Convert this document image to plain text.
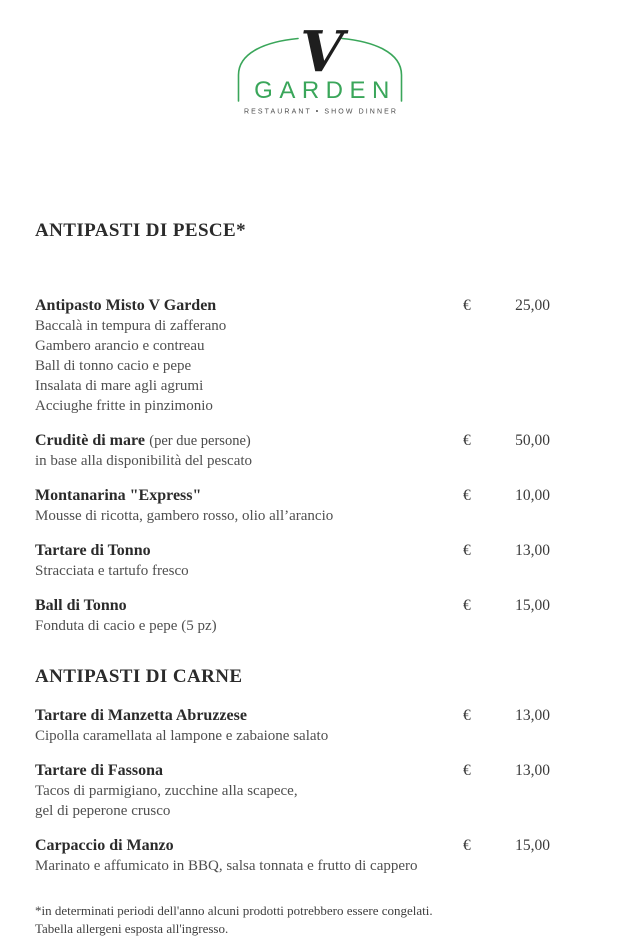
V
GARDEN
RESTAURANT • SHOW DINNER
ANTIPASTI DI PESCE*
Antipasto Misto V Garden
Baccalà in tempura di zafferano
Gambero arancio e contreau
Ball di tonno cacio e pepe
Insalata di mare agli agrumi
Acciughe fritte in pinzimonio
€	25,00
Cruditè di mare (per due persone)
in base alla disponibilità del pescato
€	50,00
Montanarina "Express"
Mousse di ricotta, gambero rosso, olio all’arancio
€	10,00
Tartare di Tonno
Stracciata e tartufo fresco
€	13,00
Ball di Tonno
Fonduta di cacio e pepe (5 pz)
€	15,00
ANTIPASTI DI CARNE
Tartare di Manzetta Abruzzese
Cipolla caramellata al lampone e zabaione salato
€	13,00
Tartare di Fassona
Tacos di parmigiano, zucchine alla scapece,
gel di peperone crusco
€	13,00
Carpaccio di Manzo
Marinato e affumicato in BBQ, salsa tonnata e frutto di cappero
€	15,00
*in determinati periodi dell'anno alcuni prodotti potrebbero essere congelati.
Tabella allergeni esposta all'ingresso.
